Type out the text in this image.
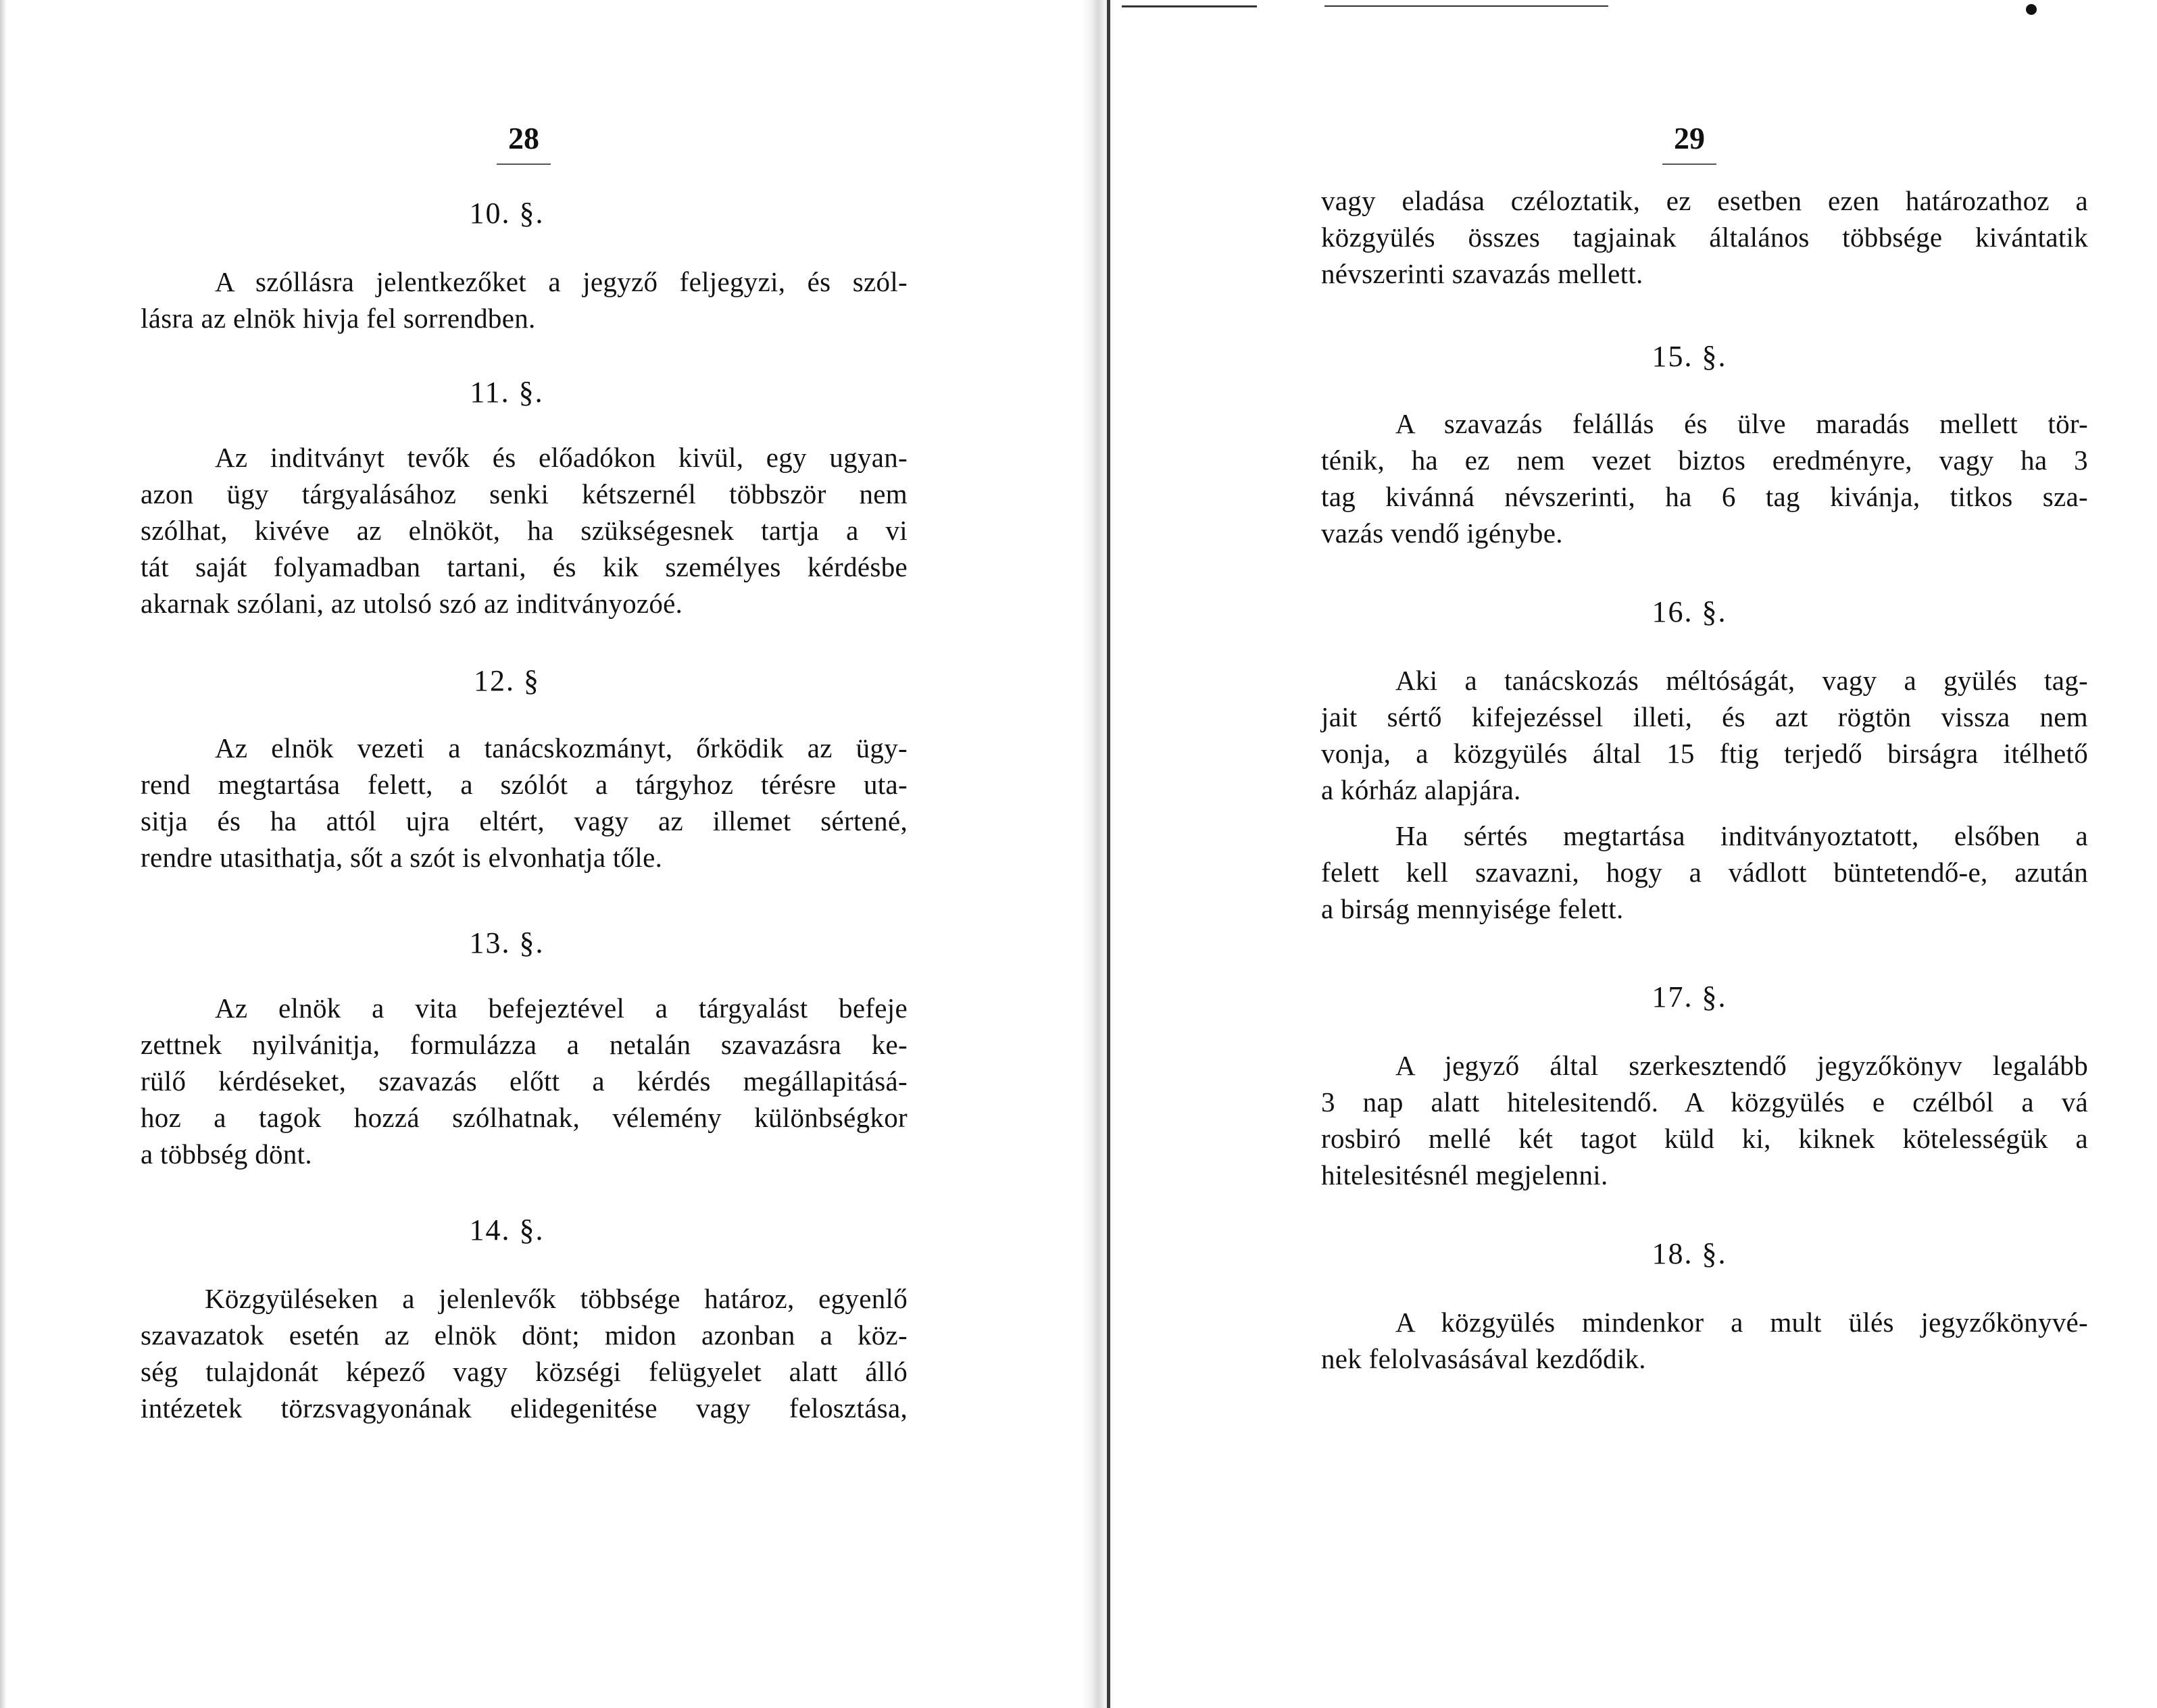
28
10. §.
A szóllásra jelentkezőket a jegyző feljegyzi, és szól-
lásra az elnök hivja fel sorrendben.
11. §.
Az inditványt tevők és előadókon kivül, egy ugyan-
azon ügy tárgyalásához senki kétszernél többször nem
szólhat, kivéve az elnököt, ha szükségesnek tartja a vi
tát saját folyamadban tartani, és kik személyes kérdésbe
akarnak szólani, az utolsó szó az inditványozóé.
12. §
Az elnök vezeti a tanácskozmányt, őrködik az ügy-
rend megtartása felett, a szólót a tárgyhoz térésre uta-
sitja és ha attól ujra eltért, vagy az illemet sértené,
rendre utasithatja, sőt a szót is elvonhatja tőle.
13. §.
Az elnök a vita befejeztével a tárgyalást befeje
zettnek nyilvánitja, formulázza a netalán szavazásra ke-
rülő kérdéseket, szavazás előtt a kérdés megállapitásá-
hoz a tagok hozzá szólhatnak, vélemény különbségkor
a többség dönt.
14. §.
Közgyüléseken a jelenlevők többsége határoz, egyenlő
szavazatok esetén az elnök dönt; midon azonban a köz-
ség tulajdonát képező vagy községi felügyelet alatt álló
intézetek törzsvagyonának elidegenitése vagy felosztása,
29
vagy eladása czéloztatik, ez esetben ezen határozathoz a
közgyülés összes tagjainak általános többsége kivántatik
névszerinti szavazás mellett.
15. §.
A szavazás felállás és ülve maradás mellett tör-
ténik, ha ez nem vezet biztos eredményre, vagy ha 3
tag kivánná névszerinti, ha 6 tag kivánja, titkos sza-
vazás vendő igénybe.
16. §.
Aki a tanácskozás méltóságát, vagy a gyülés tag-
jait sértő kifejezéssel illeti, és azt rögtön vissza nem
vonja, a közgyülés által 15 ftig terjedő birságra itélhető
a kórház alapjára.
Ha sértés megtartása inditványoztatott, elsőben a
felett kell szavazni, hogy a vádlott büntetendő-e, azután
a birság mennyisége felett.
17. §.
A jegyző által szerkesztendő jegyzőkönyv legalább
3 nap alatt hitelesitendő. A közgyülés e czélból a vá
rosbiró mellé két tagot küld ki, kiknek kötelességük a
hitelesitésnél megjelenni.
18. §.
A közgyülés mindenkor a mult ülés jegyzőkönyvé-
nek felolvasásával kezdődik.
